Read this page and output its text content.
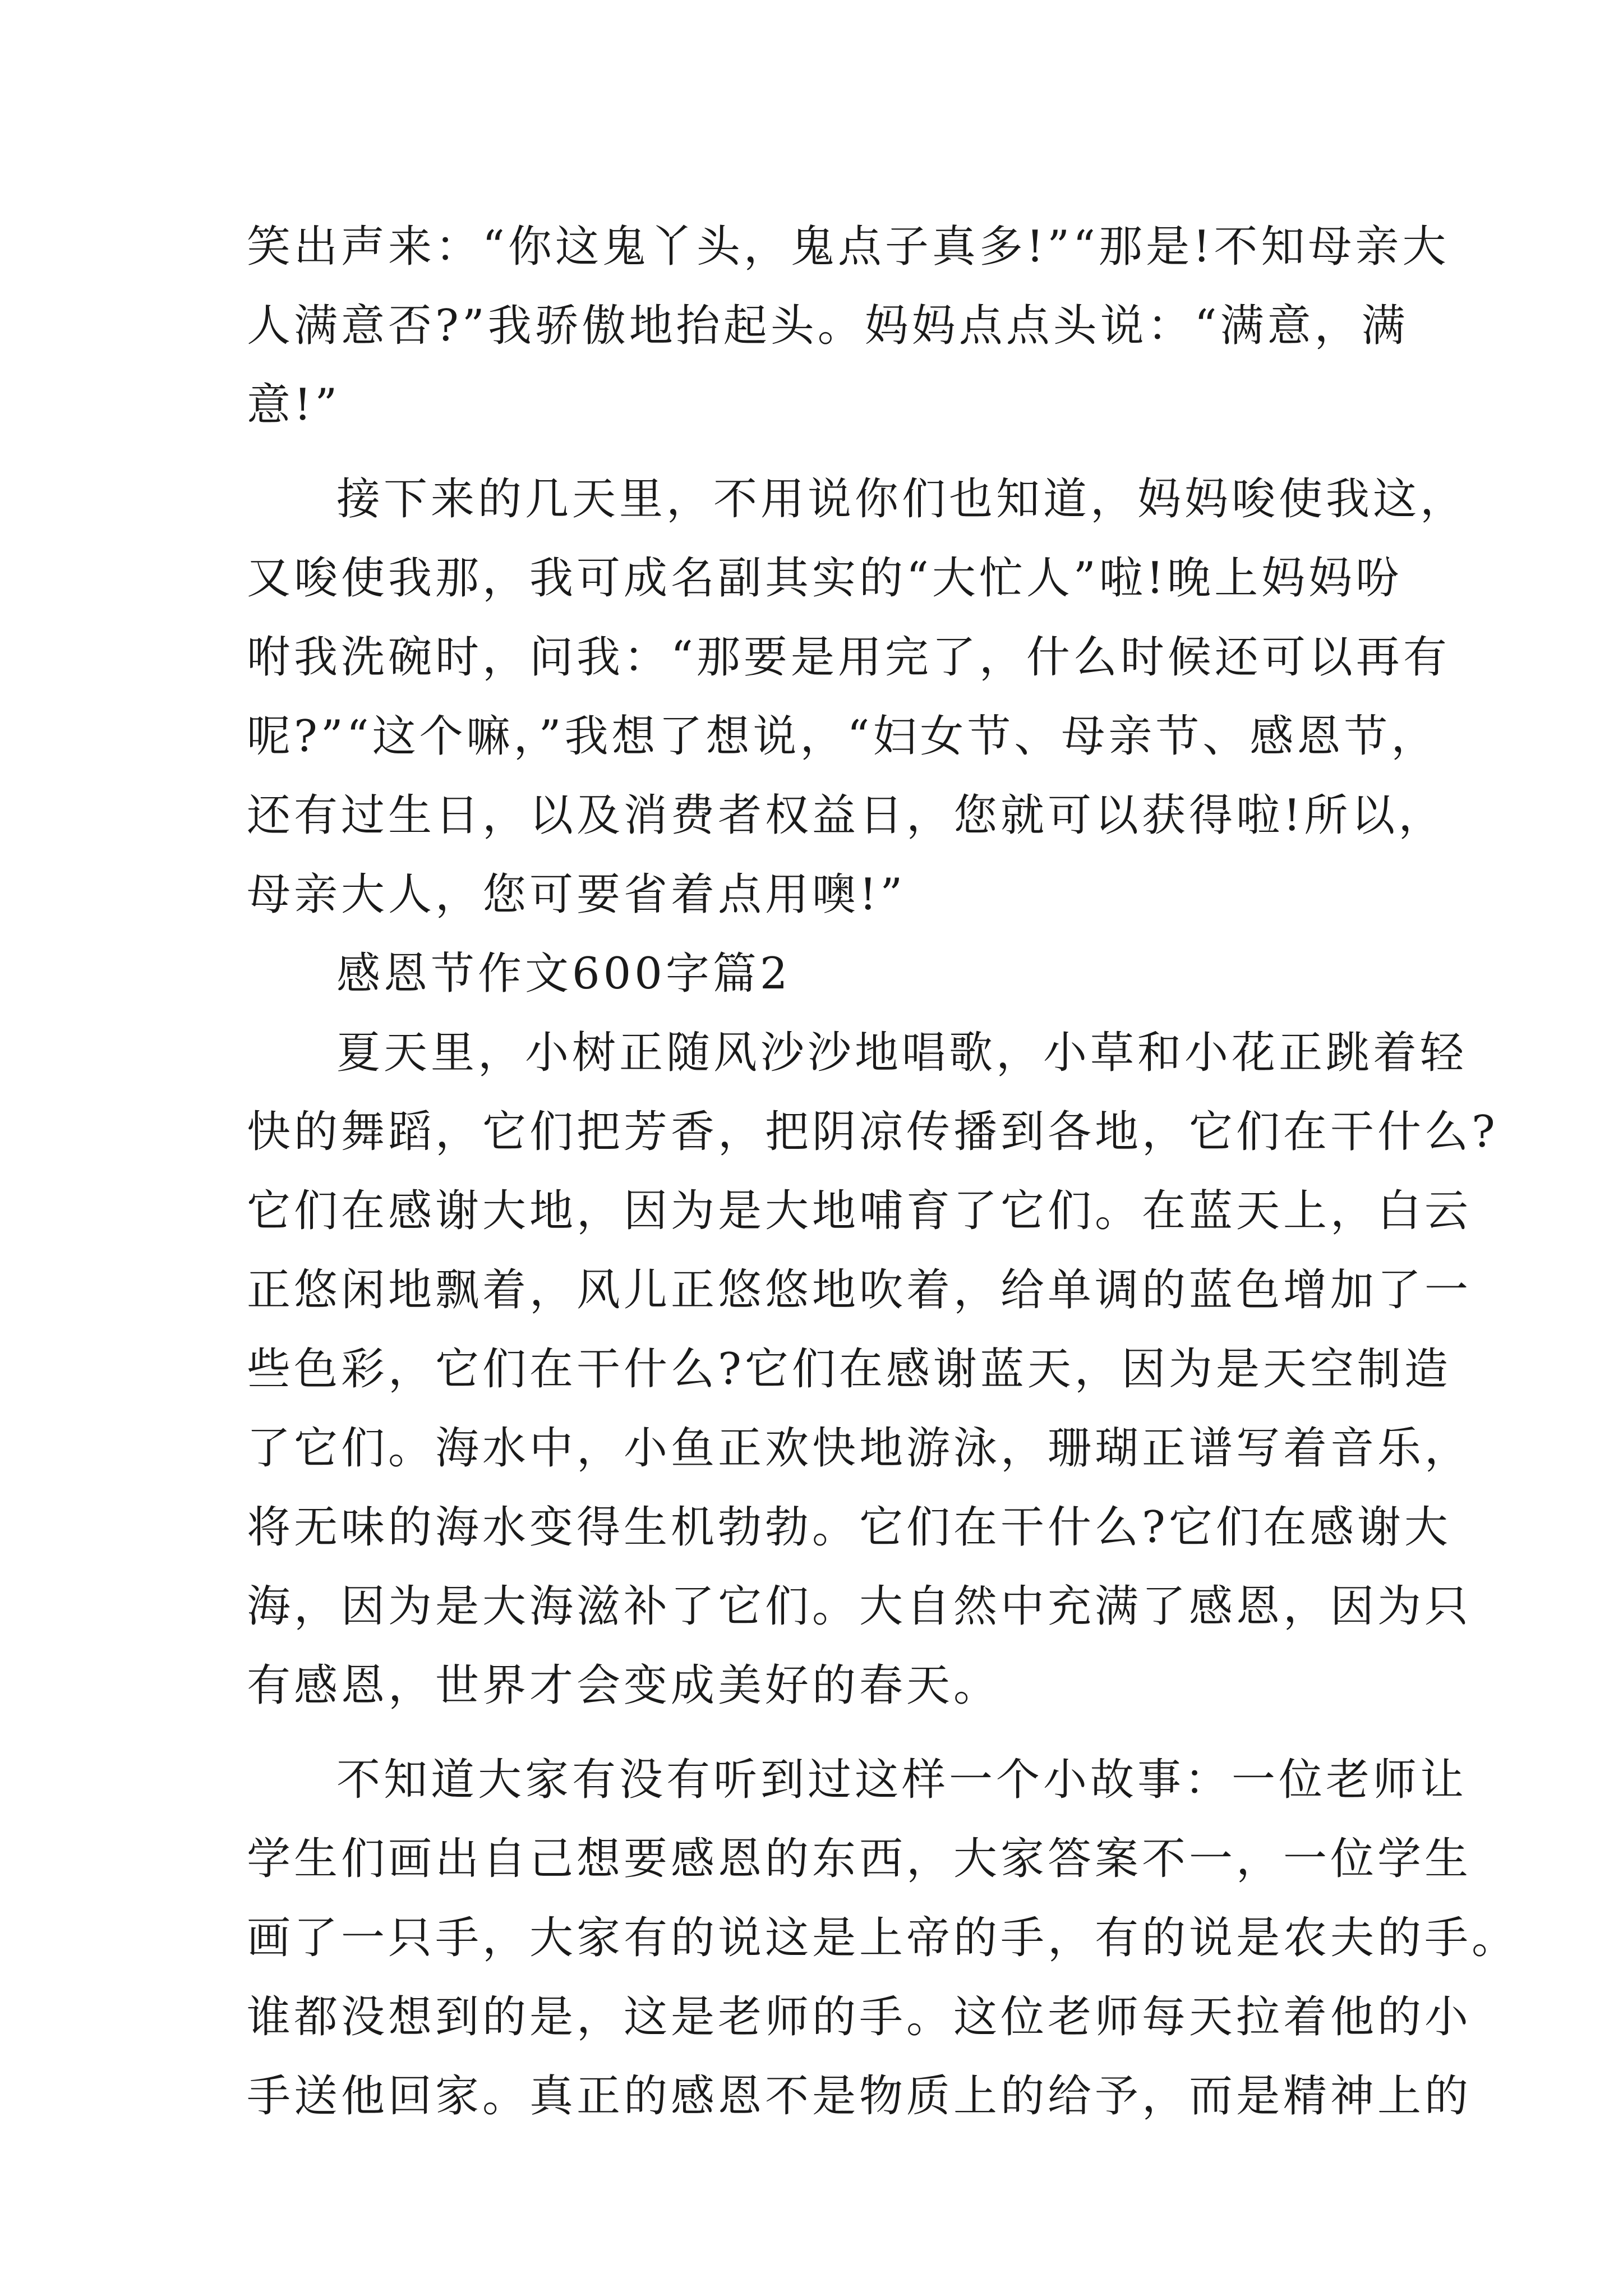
笑出声来：“你这鬼丫头，鬼点子真多!”“那是!不知母亲大
人满意否?”我骄傲地抬起头。妈妈点点头说：“满意，满
意!”
接下来的几天里，不用说你们也知道，妈妈唆使我这，
又唆使我那，我可成名副其实的“大忙人”啦!晚上妈妈吩
咐我洗碗时，问我：“那要是用完了，什么时候还可以再有
呢?”“这个嘛，”我想了想说，“妇女节、母亲节、感恩节，
还有过生日，以及消费者权益日，您就可以获得啦!所以，
母亲大人，您可要省着点用噢!”
感恩节作文600字篇2
夏天里，小树正随风沙沙地唱歌，小草和小花正跳着轻
快的舞蹈，它们把芳香，把阴凉传播到各地，它们在干什么?
它们在感谢大地，因为是大地哺育了它们。在蓝天上，白云
正悠闲地飘着，风儿正悠悠地吹着，给单调的蓝色增加了一
些色彩，它们在干什么?它们在感谢蓝天，因为是天空制造
了它们。海水中，小鱼正欢快地游泳，珊瑚正谱写着音乐，
将无味的海水变得生机勃勃。它们在干什么?它们在感谢大
海，因为是大海滋补了它们。大自然中充满了感恩，因为只
有感恩，世界才会变成美好的春天。
不知道大家有没有听到过这样一个小故事：一位老师让
学生们画出自己想要感恩的东西，大家答案不一，一位学生
画了一只手，大家有的说这是上帝的手，有的说是农夫的手。
谁都没想到的是，这是老师的手。这位老师每天拉着他的小
手送他回家。真正的感恩不是物质上的给予，而是精神上的
